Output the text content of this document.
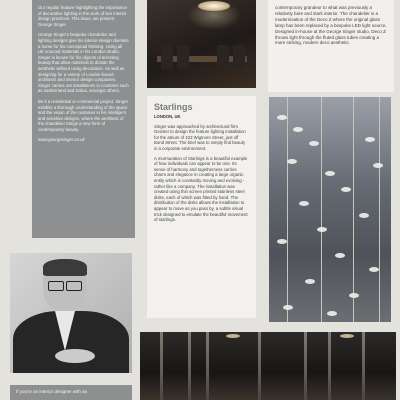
Our regular feature highlighting the importance of decorative lighting in the work of two interior design practices. This issue, we present George Singer.

George Singer's bespoke chandelier and lighting designs give his interior-design clientele a home for his conceptual thinking. Using all UK sourced materials in his London studio, Singer is known for his objects of arresting beauty that allow materials to dictate the aesthetic without using decoration. As well as designing for a variety of London-based architects and interior design companies, Singer carries out installations in countries such as Switzerland and Dubai, amongst others.

Be it a residential or commercial project, Singer exhibits a thorough understanding of the space and the vision of the customer in his intelligent and sensitive designs, where the aesthetic of the chandelier brings a new form of contemporary beauty.

www.georgesinger.co.uk

contemporary grandeur to what was previously a relatively bare and stark interior. The chandelier is a modernisation of the Deco Z where the original glass lamp has been replaced by a bespoke LED light source. Designed in-house at the George Singer studio, Deco Z throws light through the fluted glass tubes creating a more striking, modern deco aesthetic.
Starlings
LONDON, UK

Singer was approached by architectural firm Gensler to design the feature lighting installation for the atrium of 103 Wigmore Street, just off Bond Street. The brief was to simply find beauty in a corporate environment.

A murmuration of Starlings is a beautiful example of how individuals can appear to be one. Its sense of harmony and togetherness carries charm and elegance in creating a large organic entity which is constantly moving and evolving - rather like a company. The installation was created using thin screen printed stainless steel disks, each of which was fitted by hand. The distribution of the disks allows the installation to appear to move as you pass by, a subtle visual trick designed to emulate the beautiful movement of starlings.

If you're an interior designer with an
